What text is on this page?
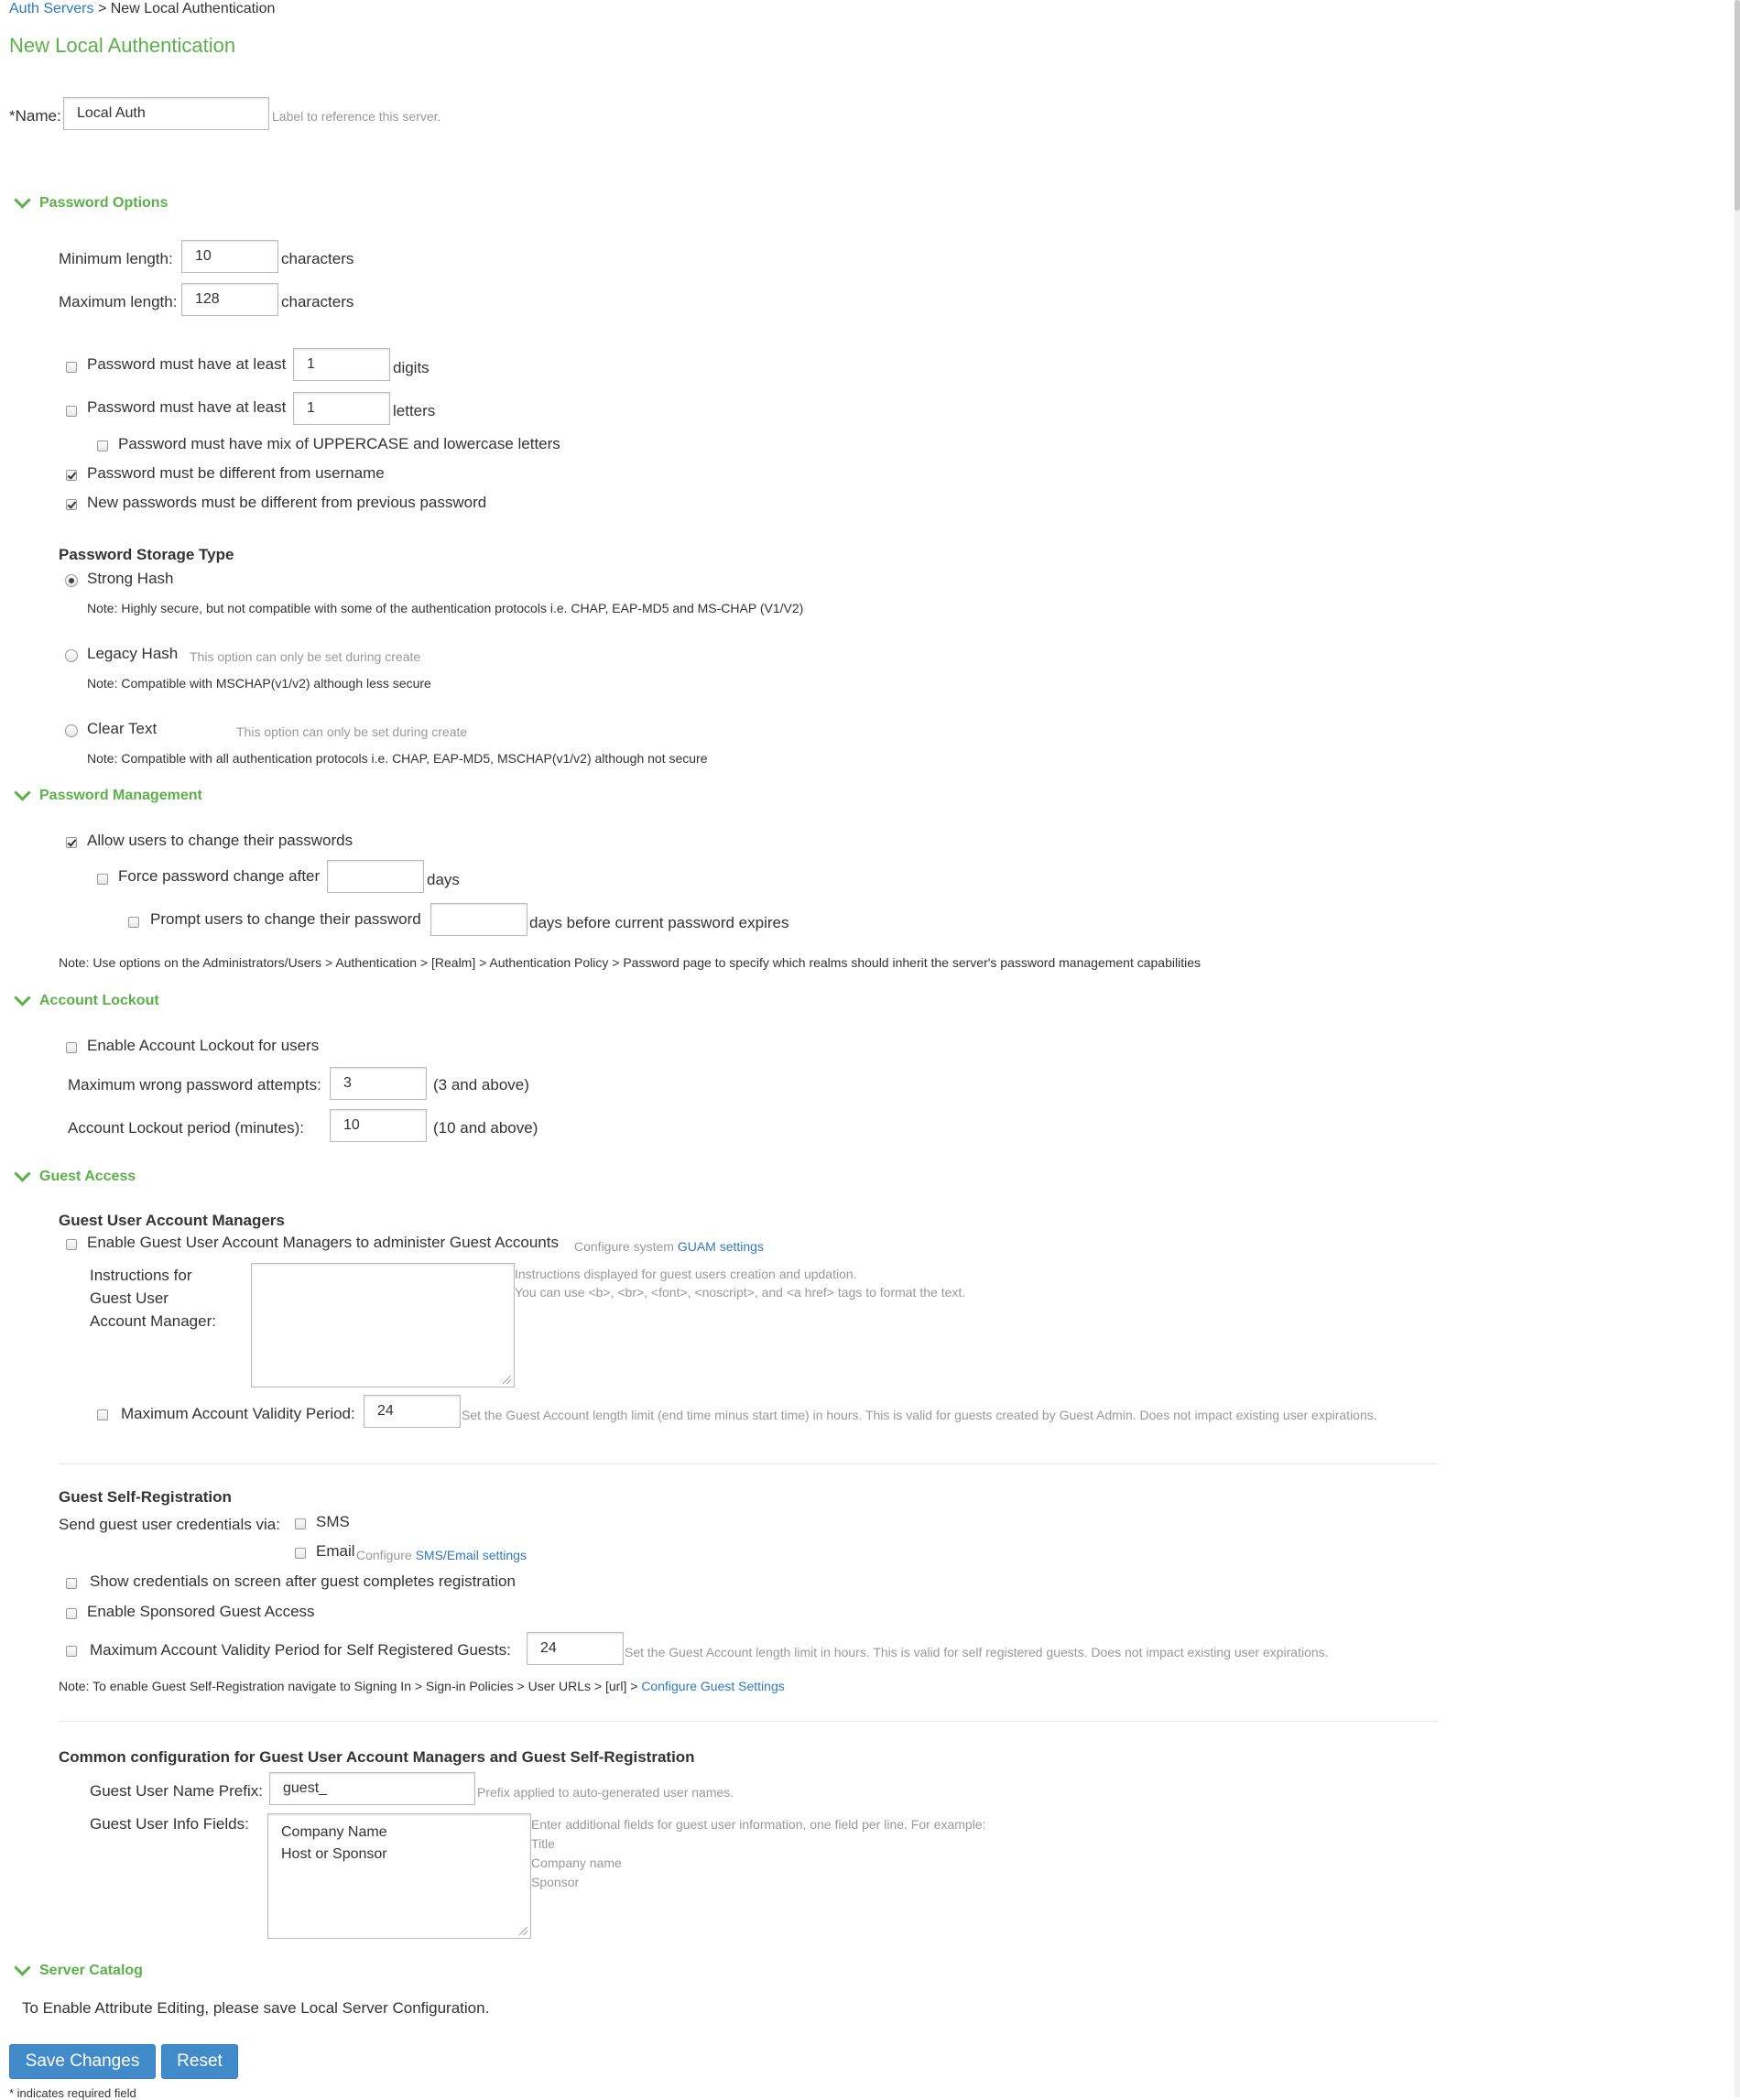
Auth Servers > New Local Authentication
New Local Authentication
*Name:	Local Auth	Label to reference this server.
Password Options
Minimum length:	10	characters
Maximum length:	128	characters
Password must have at least	1	digits
Password must have at least	1	letters
Password must have mix of UPPERCASE and lowercase letters
Password must be different from username
New passwords must be different from previous password
Password Storage Type
Strong Hash
Note: Highly secure, but not compatible with some of the authentication protocols i.e. CHAP, EAP-MD5 and MS-CHAP (V1/V2)
Legacy Hash This option can only be set during create
Note: Compatible with MSCHAP(v1/v2) although less secure
Clear Text	This option can only be set during create
Note: Compatible with all authentication protocols i.e. CHAP, EAP-MD5, MSCHAP(v1/v2) although not secure
Password Management
Allow users to change their passwords
Force password change after	days
Prompt users to change their password	days before current password expires
Note: Use options on the Administrators/Users > Authentication > [Realm] > Authentication Policy > Password page to specify which realms should inherit the server's password management capabilities
Account Lockout
Enable Account Lockout for users
Maximum wrong password attempts:	3	(3 and above)
Account Lockout period (minutes):	10	(10 and above)
Guest Access
Guest User Account Managers
Enable Guest User Account Managers to administer Guest Accounts Configure system GUAM settings
Instructions for
Guest User
Account Manager:
Instructions displayed for guest users creation and updation.
You can use <b>, <br>, <font>, <noscript>, and <a href> tags to format the text.
Maximum Account Validity Period:	24	Set the Guest Account length limit (end time minus start time) in hours. This is valid for guests created by Guest Admin. Does not impact existing user expirations.
Guest Self-Registration
Send guest user credentials via: SMS
Email Configure SMS/Email settings
Show credentials on screen after guest completes registration
Enable Sponsored Guest Access
Maximum Account Validity Period for Self Registered Guests:	24	Set the Guest Account length limit in hours. This is valid for self registered guests. Does not impact existing user expirations.
Note: To enable Guest Self-Registration navigate to Signing In > Sign-in Policies > User URLs > [url] > Configure Guest Settings
Common configuration for Guest User Account Managers and Guest Self-Registration
Guest User Name Prefix:	guest_	Prefix applied to auto-generated user names.
Guest User Info Fields:	Company Name
Host or Sponsor
Enter additional fields for guest user information, one field per line. For example:
Title
Company name
Sponsor
Server Catalog
To Enable Attribute Editing, please save Local Server Configuration.
Save Changes	Reset
* indicates required field
